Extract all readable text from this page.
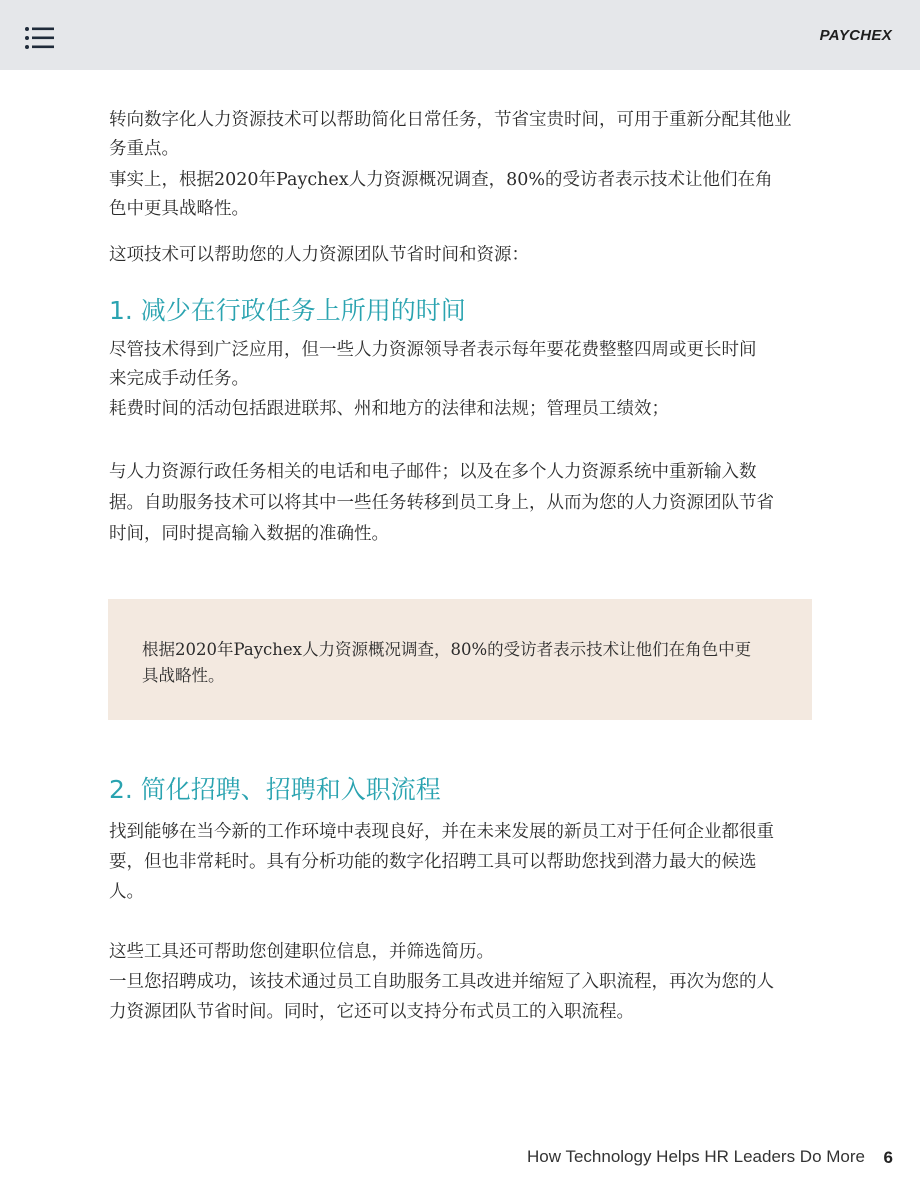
PAYCHEX

转向数字化人力资源技术可以帮助简化日常任务，节省宝贵时间，可用于重新分配其他业务重点。

事实上，根据2020年Paychex人力资源概况调查，80%的受访者表示技术让他们在角色中更具战略性。

这项技术可以帮助您的人力资源团队节省时间和资源：

1. 减少在行政任务上所用的时间

尽管技术得到广泛应用，但一些人力资源领导者表示每年要花费整整四周或更长时间来完成手动任务。

耗费时间的活动包括跟进联邦、州和地方的法律和法规；管理员工绩效；

与人力资源行政任务相关的电话和电子邮件；以及在多个人力资源系统中重新输入数据。自助服务技术可以将其中一些任务转移到员工身上，从而为您的人力资源团队节省时间，同时提高输入数据的准确性。

根据2020年Paychex人力资源概况调查，80%的受访者表示技术让他们在角色中更具战略性。
2. 简化招聘、招聘和入职流程

找到能够在当今新的工作环境中表现良好，并在未来发展的新员工对于任何企业都很重要，但也非常耗时。具有分析功能的数字化招聘工具可以帮助您找到潜力最大的候选人。

这些工具还可帮助您创建职位信息，并筛选简历。

一旦您招聘成功，该技术通过员工自助服务工具改进并缩短了入职流程，再次为您的人力资源团队节省时间。同时，它还可以支持分布式员工的入职流程。

How Technology Helps HR Leaders Do More 6
